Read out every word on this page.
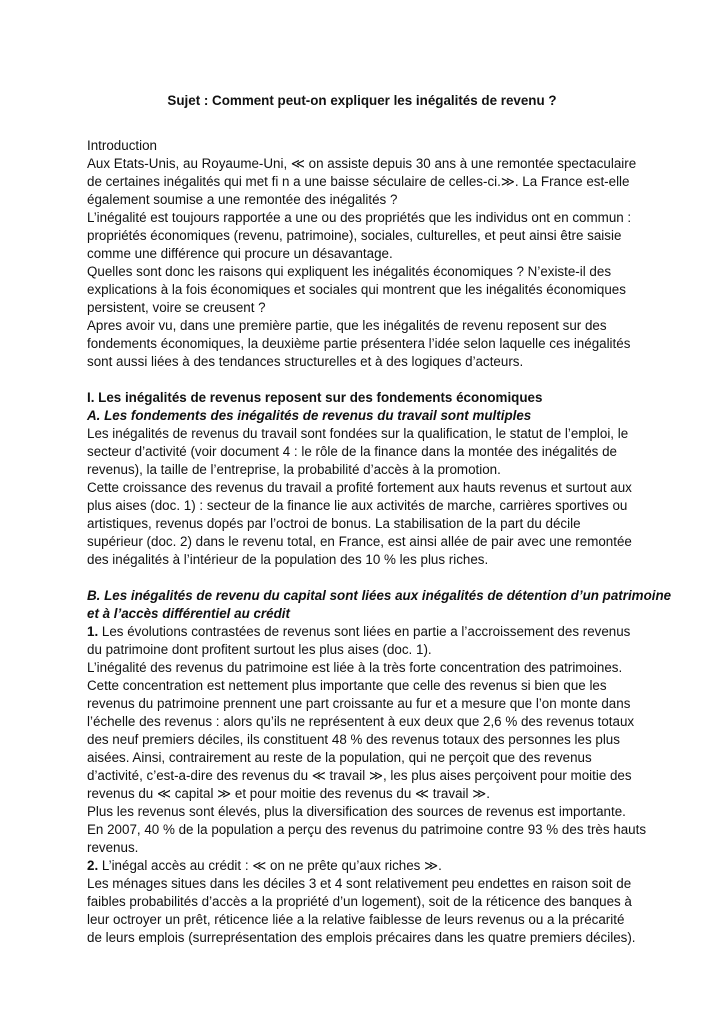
Sujet : Comment peut-on expliquer les inégalités de revenu ?
Introduction
Aux Etats-Unis, au Royaume-Uni, ≪ on assiste depuis 30 ans à une remontée spectaculaire
de certaines inégalités qui met fi n a une baisse séculaire de celles-ci.≫. La France est-elle
également soumise a une remontée des inégalités ?
L’inégalité est toujours rapportée a une ou des propriétés que les individus ont en commun :
propriétés économiques (revenu, patrimoine), sociales, culturelles, et peut ainsi être saisie
comme une différence qui procure un désavantage.
Quelles sont donc les raisons qui expliquent les inégalités économiques ? N’existe-il des
explications à la fois économiques et sociales qui montrent que les inégalités économiques
persistent, voire se creusent ?
Apres avoir vu, dans une première partie, que les inégalités de revenu reposent sur des
fondements économiques, la deuxième partie présentera l’idée selon laquelle ces inégalités
sont aussi liées à des tendances structurelles et à des logiques d’acteurs.
I. Les inégalités de revenus reposent sur des fondements économiques
A. Les fondements des inégalités de revenus du travail sont multiples
Les inégalités de revenus du travail sont fondées sur la qualification, le statut de l’emploi, le
secteur d’activité (voir document 4 : le rôle de la finance dans la montée des inégalités de
revenus), la taille de l’entreprise, la probabilité d’accès à la promotion.
Cette croissance des revenus du travail a profité fortement aux hauts revenus et surtout aux
plus aises (doc. 1) : secteur de la finance lie aux activités de marche, carrières sportives ou
artistiques, revenus dopés par l’octroi de bonus. La stabilisation de la part du décile
supérieur (doc. 2) dans le revenu total, en France, est ainsi allée de pair avec une remontée
des inégalités à l’intérieur de la population des 10 % les plus riches.
B. Les inégalités de revenu du capital sont liées aux inégalités de détention d’un patrimoine
et à l’accès différentiel au crédit
1. Les évolutions contrastées de revenus sont liées en partie a l’accroissement des revenus
du patrimoine dont profitent surtout les plus aises (doc. 1).
L’inégalité des revenus du patrimoine est liée à la très forte concentration des patrimoines.
Cette concentration est nettement plus importante que celle des revenus si bien que les
revenus du patrimoine prennent une part croissante au fur et a mesure que l’on monte dans
l’échelle des revenus : alors qu’ils ne représentent à eux deux que 2,6 % des revenus totaux
des neuf premiers déciles, ils constituent 48 % des revenus totaux des personnes les plus
aisées. Ainsi, contrairement au reste de la population, qui ne perçoit que des revenus
d’activité, c’est-a-dire des revenus du ≪ travail ≫, les plus aises perçoivent pour moitie des
revenus du ≪ capital ≫ et pour moitie des revenus du ≪ travail ≫.
Plus les revenus sont élevés, plus la diversification des sources de revenus est importante.
En 2007, 40 % de la population a perçu des revenus du patrimoine contre 93 % des très hauts
revenus.
2. L’inégal accès au crédit : ≪ on ne prête qu’aux riches ≫.
Les ménages situes dans les déciles 3 et 4 sont relativement peu endettes en raison soit de
faibles probabilités d’accès a la propriété d’un logement), soit de la réticence des banques à
leur octroyer un prêt, réticence liée a la relative faiblesse de leurs revenus ou a la précarité
de leurs emplois (surreprésentation des emplois précaires dans les quatre premiers déciles).
